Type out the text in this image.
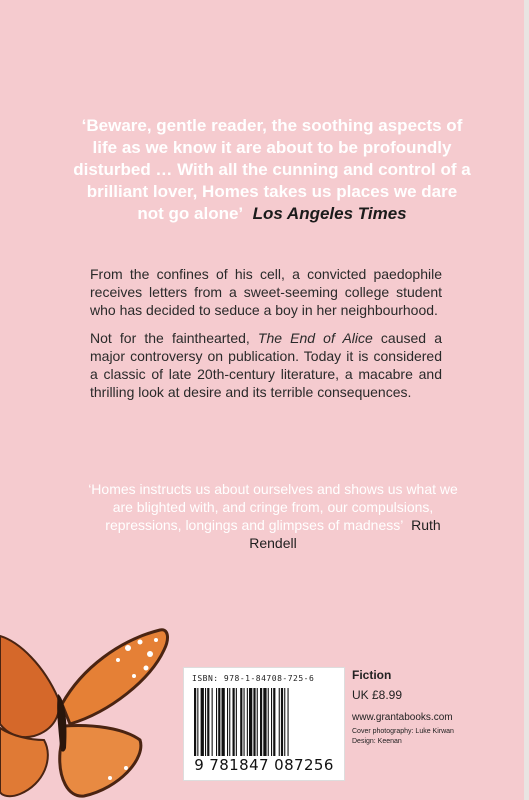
‘Beware, gentle reader, the soothing aspects of life as we know it are about to be profoundly disturbed … With all the cunning and control of a brilliant lover, Homes takes us places we dare not go alone’ Los Angeles Times

From the confines of his cell, a convicted paedophile receives letters from a sweet-seeming college student who has decided to seduce a boy in her neighbourhood.

Not for the fainthearted, The End of Alice caused a major controversy on publication. Today it is considered a classic of late 20th-century literature, a macabre and thrilling look at desire and its terrible consequences.

‘Homes instructs us about ourselves and shows us what we are blighted with, and cringe from, our compulsions, repressions, longings and glimpses of madness’ Ruth Rendell

ISBN: 978-1-84708-725-6
9 781847 087256

Fiction

UK £8.99

www.grantabooks.com

Cover photography: Luke Kirwan

Design: Keenan
